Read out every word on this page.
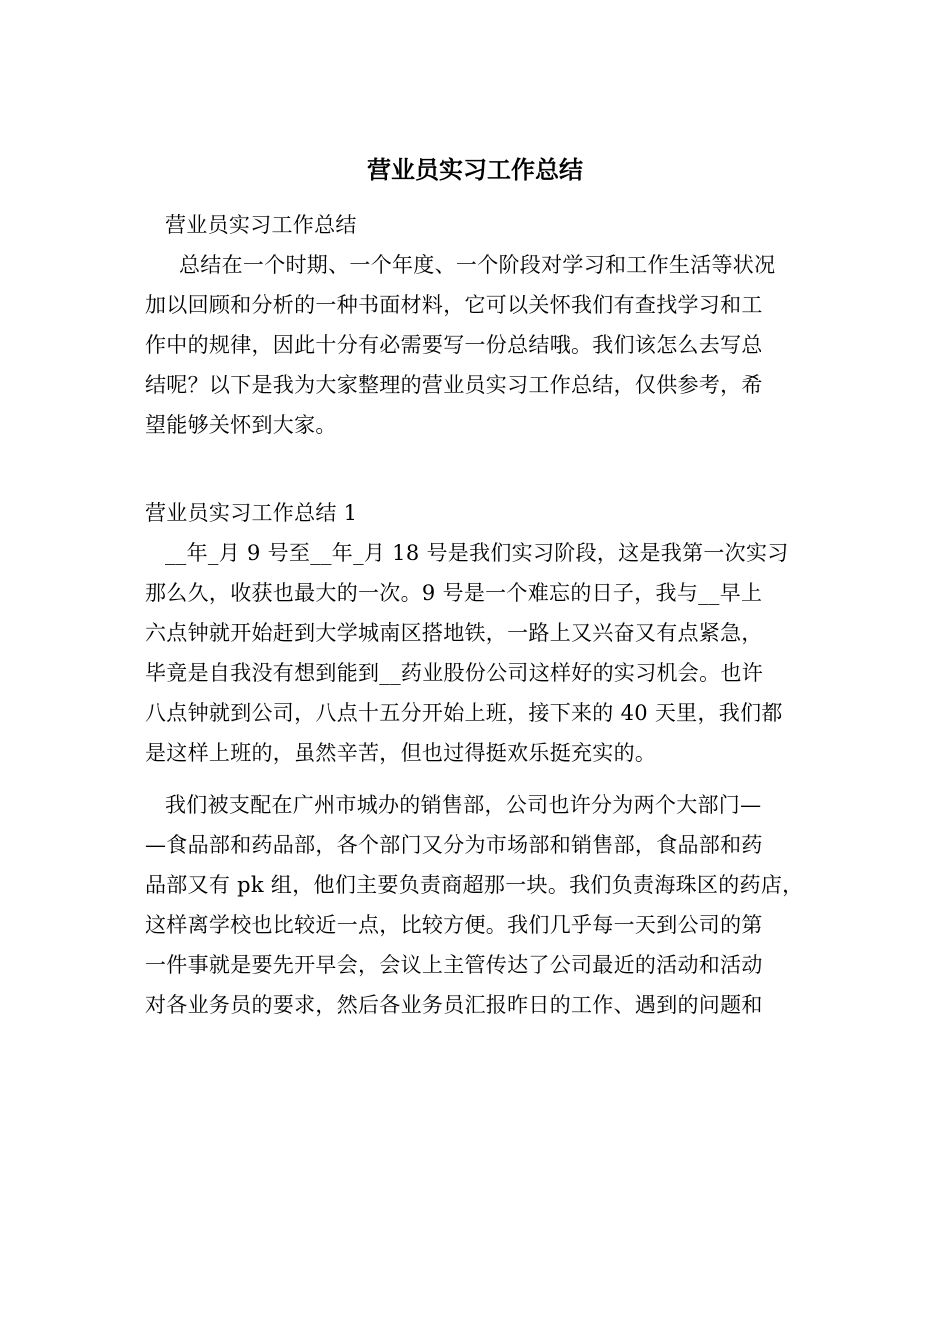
营业员实习工作总结
营业员实习工作总结
总结在一个时期、一个年度、一个阶段对学习和工作生活等状况
加以回顾和分析的一种书面材料，它可以关怀我们有查找学习和工
作中的规律，因此十分有必需要写一份总结哦。我们该怎么去写总
结呢？以下是我为大家整理的营业员实习工作总结，仅供参考，希
望能够关怀到大家。
营业员实习工作总结 1
__年_月 9 号至__年_月 18 号是我们实习阶段，这是我第一次实习
那么久，收获也最大的一次。9 号是一个难忘的日子，我与__早上
六点钟就开始赶到大学城南区搭地铁，一路上又兴奋又有点紧急，
毕竟是自我没有想到能到__药业股份公司这样好的实习机会。也许
八点钟就到公司，八点十五分开始上班，接下来的 40 天里，我们都
是这样上班的，虽然辛苦，但也过得挺欢乐挺充实的。
我们被支配在广州市城办的销售部，公司也许分为两个大部门—
—食品部和药品部，各个部门又分为市场部和销售部，食品部和药
品部又有 pk 组，他们主要负责商超那一块。我们负责海珠区的药店，
这样离学校也比较近一点，比较方便。我们几乎每一天到公司的第
一件事就是要先开早会，会议上主管传达了公司最近的活动和活动
对各业务员的要求，然后各业务员汇报昨日的工作、遇到的问题和
